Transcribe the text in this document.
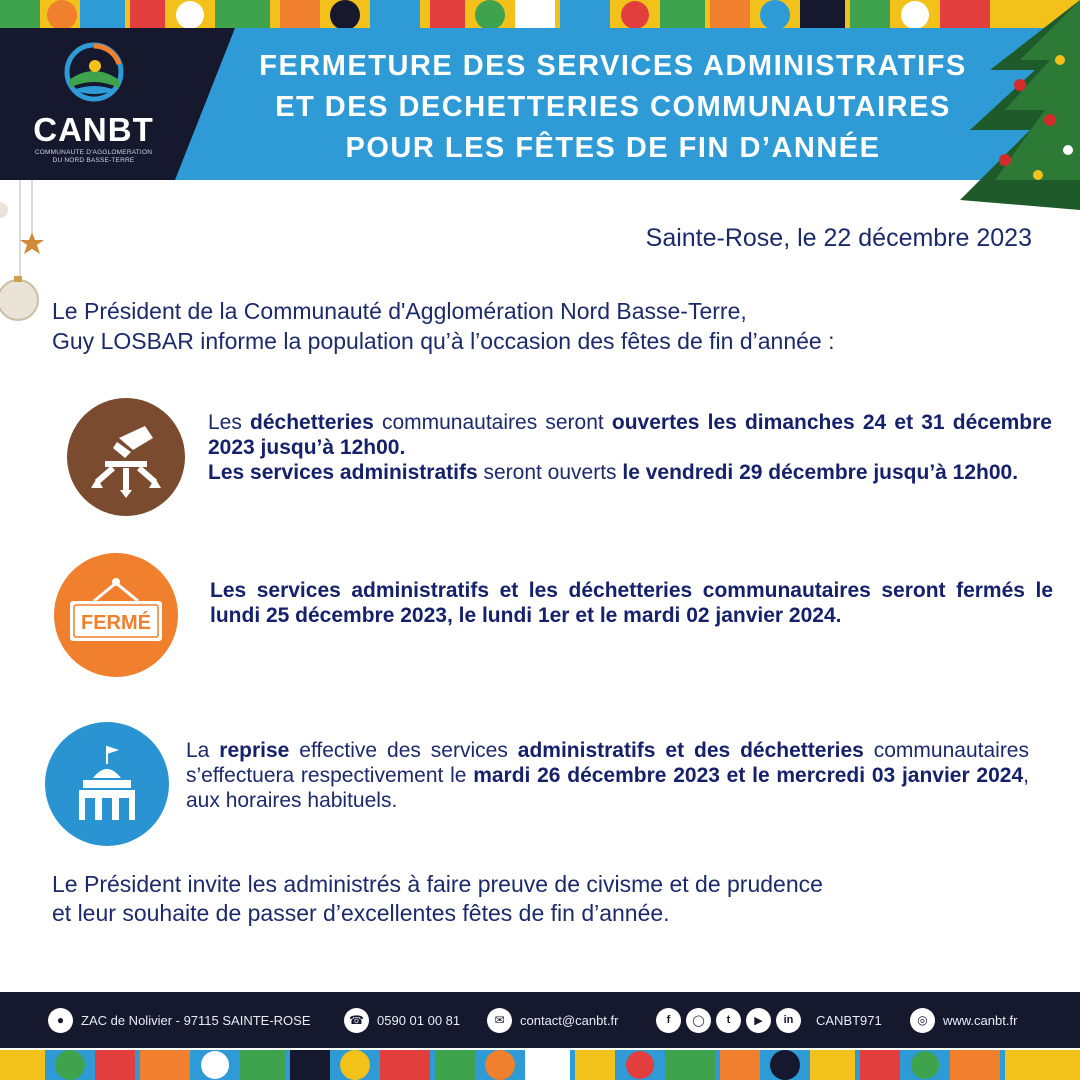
CANBT
COMMUNAUTE D'AGGLOMERATION
DU NORD BASSE-TERRE
FERMETURE DES SERVICES ADMINISTRATIFS
ET DES DECHETTERIES COMMUNAUTAIRES
POUR LES FÊTES DE FIN D’ANNÉE
Sainte-Rose, le 22 décembre 2023
Le Président de la Communauté d'Agglomération Nord Basse-Terre,
Guy LOSBAR informe la population qu’à l’occasion des fêtes de fin d’année :
FERMÉ
Les déchetteries communautaires seront ouvertes les dimanches 24 et 31 décembre 2023 jusqu’à 12h00.
Les services administratifs seront ouverts le vendredi 29 décembre jusqu’à 12h00.
Les services administratifs et les déchetteries communautaires seront fermés le lundi 25 décembre 2023, le lundi 1er et le mardi 02 janvier 2024.
La reprise effective des services administratifs et des déchetteries communautaires s’effectuera respectivement le mardi 26 décembre 2023 et le mercredi 03 janvier 2024, aux horaires habituels.
Le Président invite les administrés à faire preuve de civisme et de prudence
et leur souhaite de passer d’excellentes fêtes de fin d’année.
●	ZAC de Nolivier - 97115 SAINTE-ROSE	☎	0590 01 00 81	✉	contact@canbt.fr	f	◯	t	▶	in	CANBT971	◎	www.canbt.fr
